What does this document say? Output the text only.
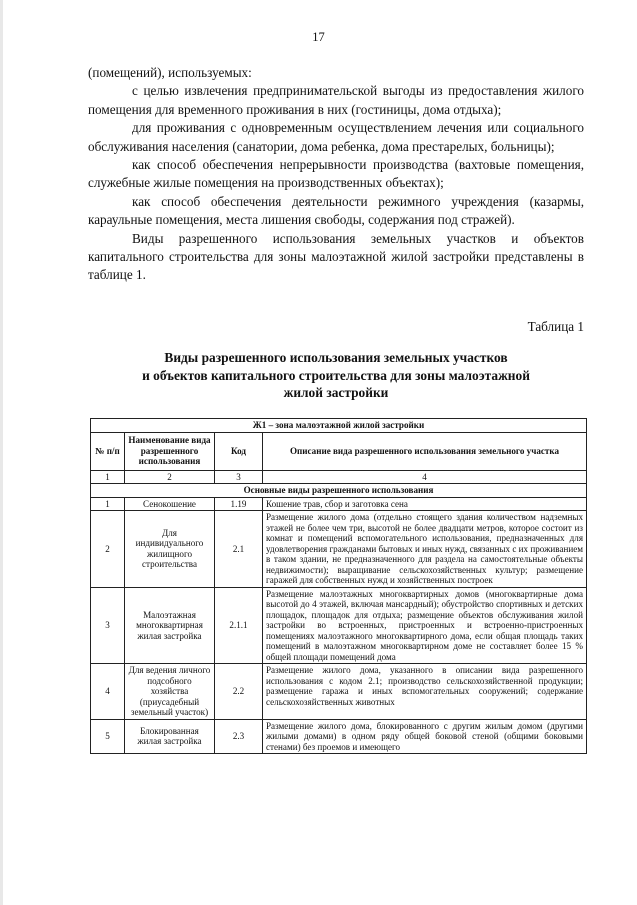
17

(помещений), используемых:

с целью извлечения предпринимательской выгоды из предоставления жилого помещения для временного проживания в них (гостиницы, дома отдыха);

для проживания с одновременным осуществлением лечения или социального обслуживания населения (санатории, дома ребенка, дома престарелых, больницы);

как способ обеспечения непрерывности производства (вахтовые помещения, служебные жилые помещения на производственных объектах);

как способ обеспечения деятельности режимного учреждения (казармы, караульные помещения, места лишения свободы, содержания под стражей).

Виды разрешенного использования земельных участков и объектов капитального строительства для зоны малоэтажной жилой застройки представлены в таблице 1.

Таблица 1
Виды разрешенного использования земельных участков
и объектов капитального строительства для зоны малоэтажной
жилой застройки
Ж1 – зона малоэтажной жилой застройки			
№ п/п	Наименование вида разрешенного использования	Код	Описание вида разрешенного использования земельного участка
1	2	3	4
Основные виды разрешенного использования			
1	Сенокошение	1.19	Кошение трав, сбор и заготовка сена
2	Для индивидуального жилищного строительства	2.1	Размещение жилого дома (отдельно стоящего здания количеством надземных этажей не более чем три, высотой не более двадцати метров, которое состоит из комнат и помещений вспомогательного использования, предназначенных для удовлетворения гражданами бытовых и иных нужд, связанных с их проживанием в таком здании, не предназначенного для раздела на самостоятельные объекты недвижимости); выращивание сельскохозяйственных культур; размещение гаражей для собственных нужд и хозяйственных построек
3	Малоэтажная многоквартирная жилая застройка	2.1.1	Размещение малоэтажных многоквартирных домов (многоквартирные дома высотой до 4 этажей, включая мансардный); обустройство спортивных и детских площадок, площадок для отдыха; размещение объектов обслуживания жилой застройки во встроенных, пристроенных и встроенно-пристроенных помещениях малоэтажного многоквартирного дома, если общая площадь таких помещений в малоэтажном многоквартирном доме не составляет более 15 % общей площади помещений дома
4	Для ведения личного подсобного хозяйства (приусадебный земельный участок)	2.2	Размещение жилого дома, указанного в описании вида разрешенного использования с кодом 2.1; производство сельскохозяйственной продукции; размещение гаража и иных вспомогательных сооружений; содержание сельскохозяйственных животных
5	Блокированная жилая застройка	2.3	Размещение жилого дома, блокированного с другим жилым домом (другими жилыми домами) в одном ряду общей боковой стеной (общими боковыми стенами) без проемов и имеющего
